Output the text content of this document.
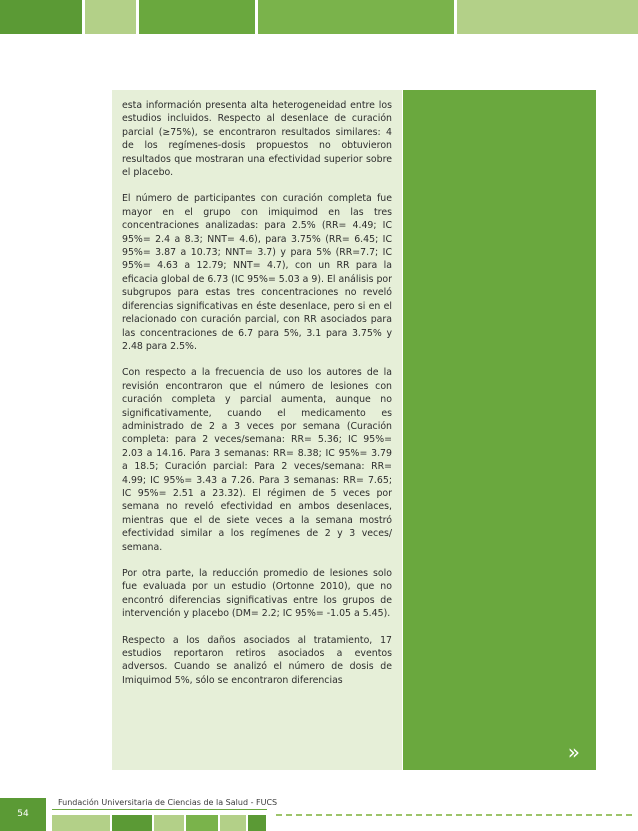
»

esta información presenta alta heterogeneidad entre los estudios incluidos. Respecto al desenlace de curación parcial (≥75%), se encontraron resultados similares: 4 de los regímenes-dosis propuestos no obtuvieron resultados que mostraran una efectividad superior sobre el placebo.

El número de participantes con curación completa fue mayor en el grupo con imiquimod en las tres concentraciones analizadas: para 2.5% (RR= 4.49; IC 95%= 2.4 a 8.3; NNT= 4.6), para 3.75% (RR= 6.45; IC 95%= 3.87 a 10.73; NNT= 3.7) y para 5% (RR=7.7; IC 95%= 4.63 a 12.79; NNT= 4.7), con un RR para la eficacia global de 6.73 (IC 95%= 5.03 a 9). El análisis por subgrupos para estas tres concentraciones no reveló diferencias significativas en éste desenlace, pero si en el relacionado con curación parcial, con RR asociados para las concentraciones de 6.7 para 5%, 3.1 para 3.75% y 2.48 para 2.5%.

Con respecto a la frecuencia de uso los autores de la revisión encontraron que el número de lesiones con curación completa y parcial aumenta, aunque no significativamente, cuando el medicamento es administrado de 2 a 3 veces por semana (Curación completa: para 2 veces/semana: RR= 5.36; IC 95%= 2.03 a 14.16. Para 3 semanas: RR= 8.38; IC 95%= 3.79 a 18.5; Curación parcial: Para 2 veces/semana: RR= 4.99; IC 95%= 3.43 a 7.26. Para 3 semanas: RR= 7.65; IC 95%= 2.51 a 23.32). El régimen de 5 veces por semana no reveló efectividad en ambos desenlaces, mientras que el de siete veces a la semana mostró efectividad similar a los regímenes de 2 y 3 veces/ semana.

Por otra parte, la reducción promedio de lesiones solo fue evaluada por un estudio (Ortonne 2010), que no encontró diferencias significativas entre los grupos de intervención y placebo (DM= 2.2; IC 95%= -1.05 a 5.45).

Respecto a los daños asociados al tratamiento, 17 estudios reportaron retiros asociados a eventos adversos. Cuando se analizó el número de dosis de Imiquimod 5%, sólo se encontraron diferencias

54
Fundación Universitaria de Ciencias de la Salud - FUCS
